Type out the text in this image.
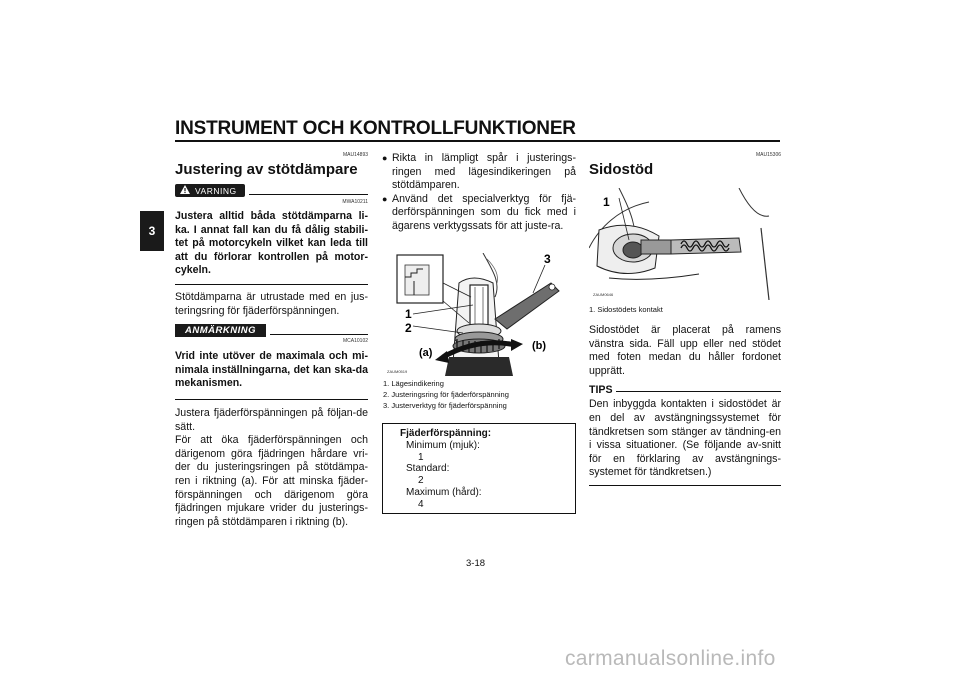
INSTRUMENT OCH KONTROLLFUNKTIONER
3
MAU14893
Justering av stötdämpare
VARNING
MWA10211
Justera alltid båda stötdämparna li-ka. I annat fall kan du få dålig stabili-tet på motorcykeln vilket kan leda till att du förlorar kontrollen på motor-cykeln.
Stötdämparna är utrustade med en jus-teringsring för fjäderförspänningen.
ANMÄRKNING
MCA10102
Vrid inte utöver de maximala och mi-nimala inställningarna, det kan ska-da mekanismen.
Justera fjäderförspänningen på följan-de sätt.
För att öka fjäderförspänningen och därigenom göra fjädringen hårdare vri-der du justeringsringen på stötdämpa-ren i riktning (a). För att minska fjäder-förspänningen och därigenom göra fjädringen mjukare vrider du justerings-ringen på stötdämparen i riktning (b).
● Rikta in lämpligt spår i justerings-ringen med lägesindikeringen på stötdämparen.
● Använd det specialverktyg för fjä-derförspänningen som du fick med i ägarens verktygssats för att juste-ra.
1
2
3
(a)
(b)
ZAUM0519
1. Lägesindikering
2. Justeringsring för fjäderförspänning
3. Justerverktyg för fjäderförspänning
Fjäderförspänning:
Minimum (mjuk):
1
Standard:
2
Maximum (hård):
4
MAU15306
Sidostöd
1
ZAUM0646
1. Sidostödets kontakt
Sidostödet är placerat på ramens vänstra sida. Fäll upp eller ned stödet med foten medan du håller fordonet upprätt.
TIPS
Den inbyggda kontakten i sidostödet är en del av avstängningssystemet för tändkretsen som stänger av tändning-en i vissa situationer. (Se följande av-snitt för en förklaring av avstängnings-systemet för tändkretsen.)
3-18
carmanualsonline.info
